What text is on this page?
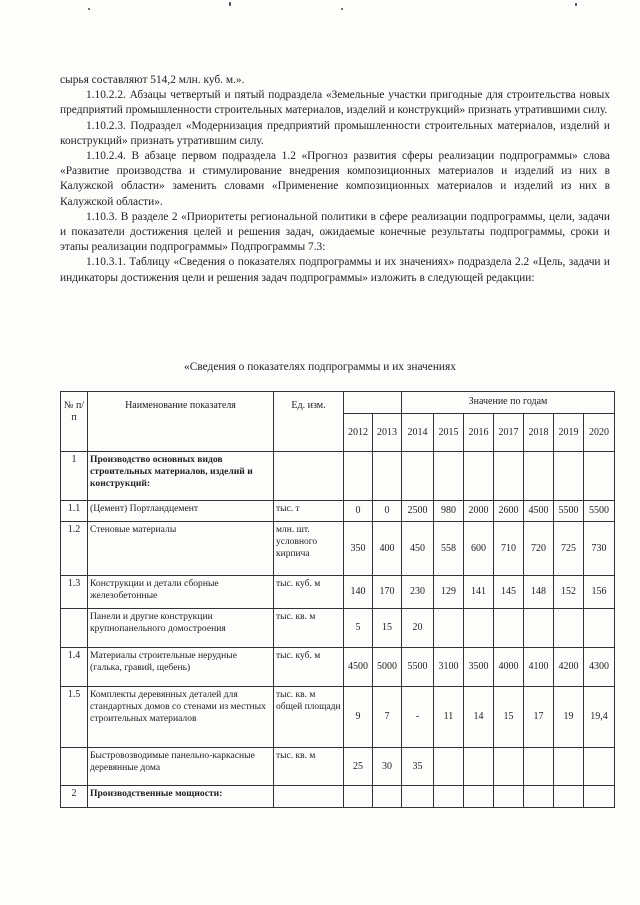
сырья составляют 514,2 млн. куб. м.».

1.10.2.2. Абзацы четвертый и пятый подраздела «Земельные участки пригодные для строительства новых предприятий промышленности строительных материалов, изделий и конструкций» признать утратившими силу.

1.10.2.3. Подраздел «Модернизация предприятий промышленности строительных материалов, изделий и конструкций» признать утратившим силу.

1.10.2.4. В абзаце первом подраздела 1.2 «Прогноз развития сферы реализации подпрограммы» слова «Развитие производства и стимулирование внедрения композиционных материалов и изделий из них в Калужской области» заменить словами «Применение композиционных материалов и изделий из них в Калужской области».

1.10.3. В разделе 2 «Приоритеты региональной политики в сфере реализации подпрограммы, цели, задачи и показатели достижения целей и решения задач, ожидаемые конечные результаты подпрограммы, сроки и этапы реализации подпрограммы» Подпрограммы 7.3:

1.10.3.1. Таблицу «Сведения о показателях подпрограммы и их значениях» подраздела 2.2 «Цель, задачи и индикаторы достижения цели и решения задач подпрограммы» изложить в следующей редакции:

«Сведения о показателях подпрограммы и их значениях
№ п/п	Наименование показателя	Ед. изм.			Значение по годам						
			2012	2013	2014	2015	2016	2017	2018	2019	2020
1	Производство основных видов строительных материалов, изделий и конструкций:										
1.1	(Цемент) Портландцемент	тыс. т	0	0	2500	980	2000	2600	4500	5500	5500
1.2	Стеновые материалы	млн. шт. условного кирпича	350	400	450	558	600	710	720	725	730
1.3	Конструкции и детали сборные железобетонные	тыс. куб. м	140	170	230	129	141	145	148	152	156
	Панели и другие конструкции крупнопанельного домостроения	тыс. кв. м	5	15	20						
1.4	Материалы строительные нерудные (галька, гравий, щебень)	тыс. куб. м	4500	5000	5500	3100	3500	4000	4100	4200	4300
1.5	Комплекты деревянных деталей для стандартных домов со стенами из местных строительных материалов	тыс. кв. м общей площади	9	7	-	11	14	15	17	19	19,4
	Быстровозводимые панельно-каркасные деревянные дома	тыс. кв. м	25	30	35						
2	Производственные мощности:										
